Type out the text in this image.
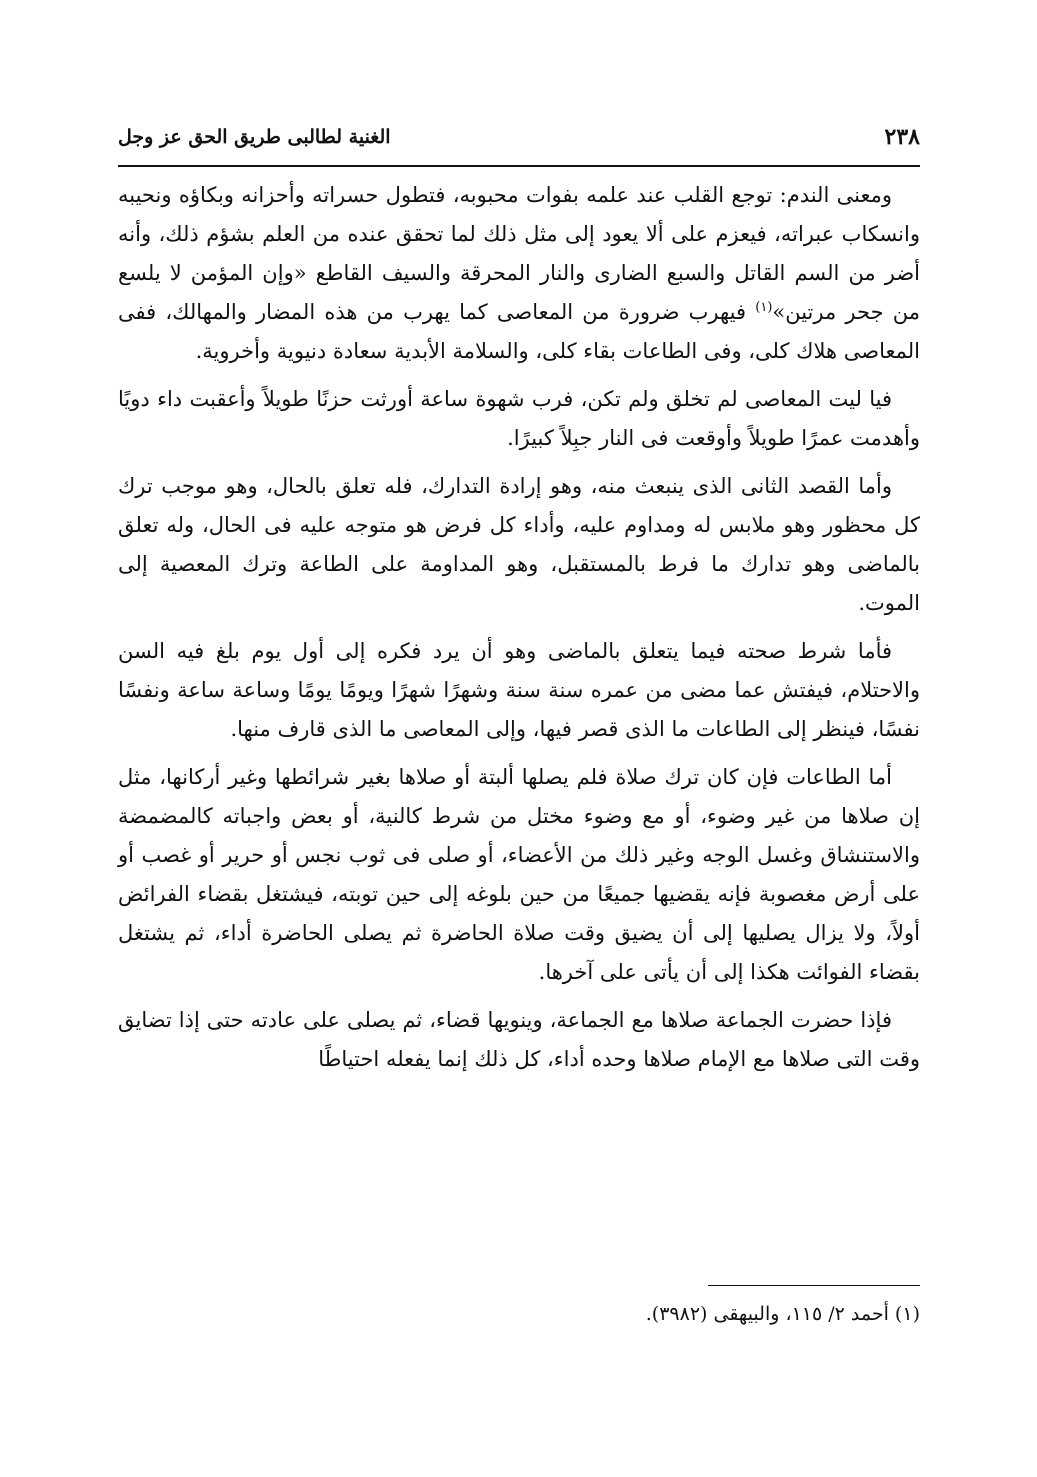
٢٣٨
الغنية لطالبى طريق الحق عز وجل

ومعنى الندم: توجع القلب عند علمه بفوات محبوبه، فتطول حسراته وأحزانه وبكاؤه ونحيبه وانسكاب عبراته، فيعزم على ألا يعود إلى مثل ذلك لما تحقق عنده من العلم بشؤم ذلك، وأنه أضر من السم القاتل والسبع الضارى والنار المحرقة والسيف القاطع «وإن المؤمن لا يلسع من جحر مرتين»$^{(١)}$ فيهرب ضرورة من المعاصى كما يهرب من هذه المضار والمهالك، ففى المعاصى هلاك كلى، وفى الطاعات بقاء كلى، والسلامة الأبدية سعادة دنيوية وأخروية.

فيا ليت المعاصى لم تخلق ولم تكن، فرب شهوة ساعة أورثت حزنًا طويلاً وأعقبت داء دويًا وأهدمت عمرًا طويلاً وأوقعت فى النار جبِلاً كبيرًا.

وأما القصد الثانى الذى ينبعث منه، وهو إرادة التدارك، فله تعلق بالحال، وهو موجب ترك كل محظور وهو ملابس له ومداوم عليه، وأداء كل فرض هو متوجه عليه فى الحال، وله تعلق بالماضى وهو تدارك ما فرط بالمستقبل، وهو المداومة على الطاعة وترك المعصية إلى الموت.

فأما شرط صحته فيما يتعلق بالماضى وهو أن يرد فكره إلى أول يوم بلغ فيه السن والاحتلام، فيفتش عما مضى من عمره سنة سنة وشهرًا شهرًا ويومًا يومًا وساعة ساعة ونفسًا نفسًا، فينظر إلى الطاعات ما الذى قصر فيها، وإلى المعاصى ما الذى قارف منها.

أما الطاعات فإن كان ترك صلاة فلم يصلها ألبتة أو صلاها بغير شرائطها وغير أركانها، مثل إن صلاها من غير وضوء، أو مع وضوء مختل من شرط كالنية، أو بعض واجباته كالمضمضة والاستنشاق وغسل الوجه وغير ذلك من الأعضاء، أو صلى فى ثوب نجس أو حرير أو غصب أو على أرض مغصوبة فإنه يقضيها جميعًا من حين بلوغه إلى حين توبته، فيشتغل بقضاء الفرائض أولاً، ولا يزال يصليها إلى أن يضيق وقت صلاة الحاضرة ثم يصلى الحاضرة أداء، ثم يشتغل بقضاء الفوائت هكذا إلى أن يأتى على آخرها.

فإذا حضرت الجماعة صلاها مع الجماعة، وينويها قضاء، ثم يصلى على عادته حتى إذا تضايق وقت التى صلاها مع الإمام صلاها وحده أداء، كل ذلك إنما يفعله احتياطًا

(١) أحمد ٢/ ١١٥، والبيهقى (٣٩٨٢).
